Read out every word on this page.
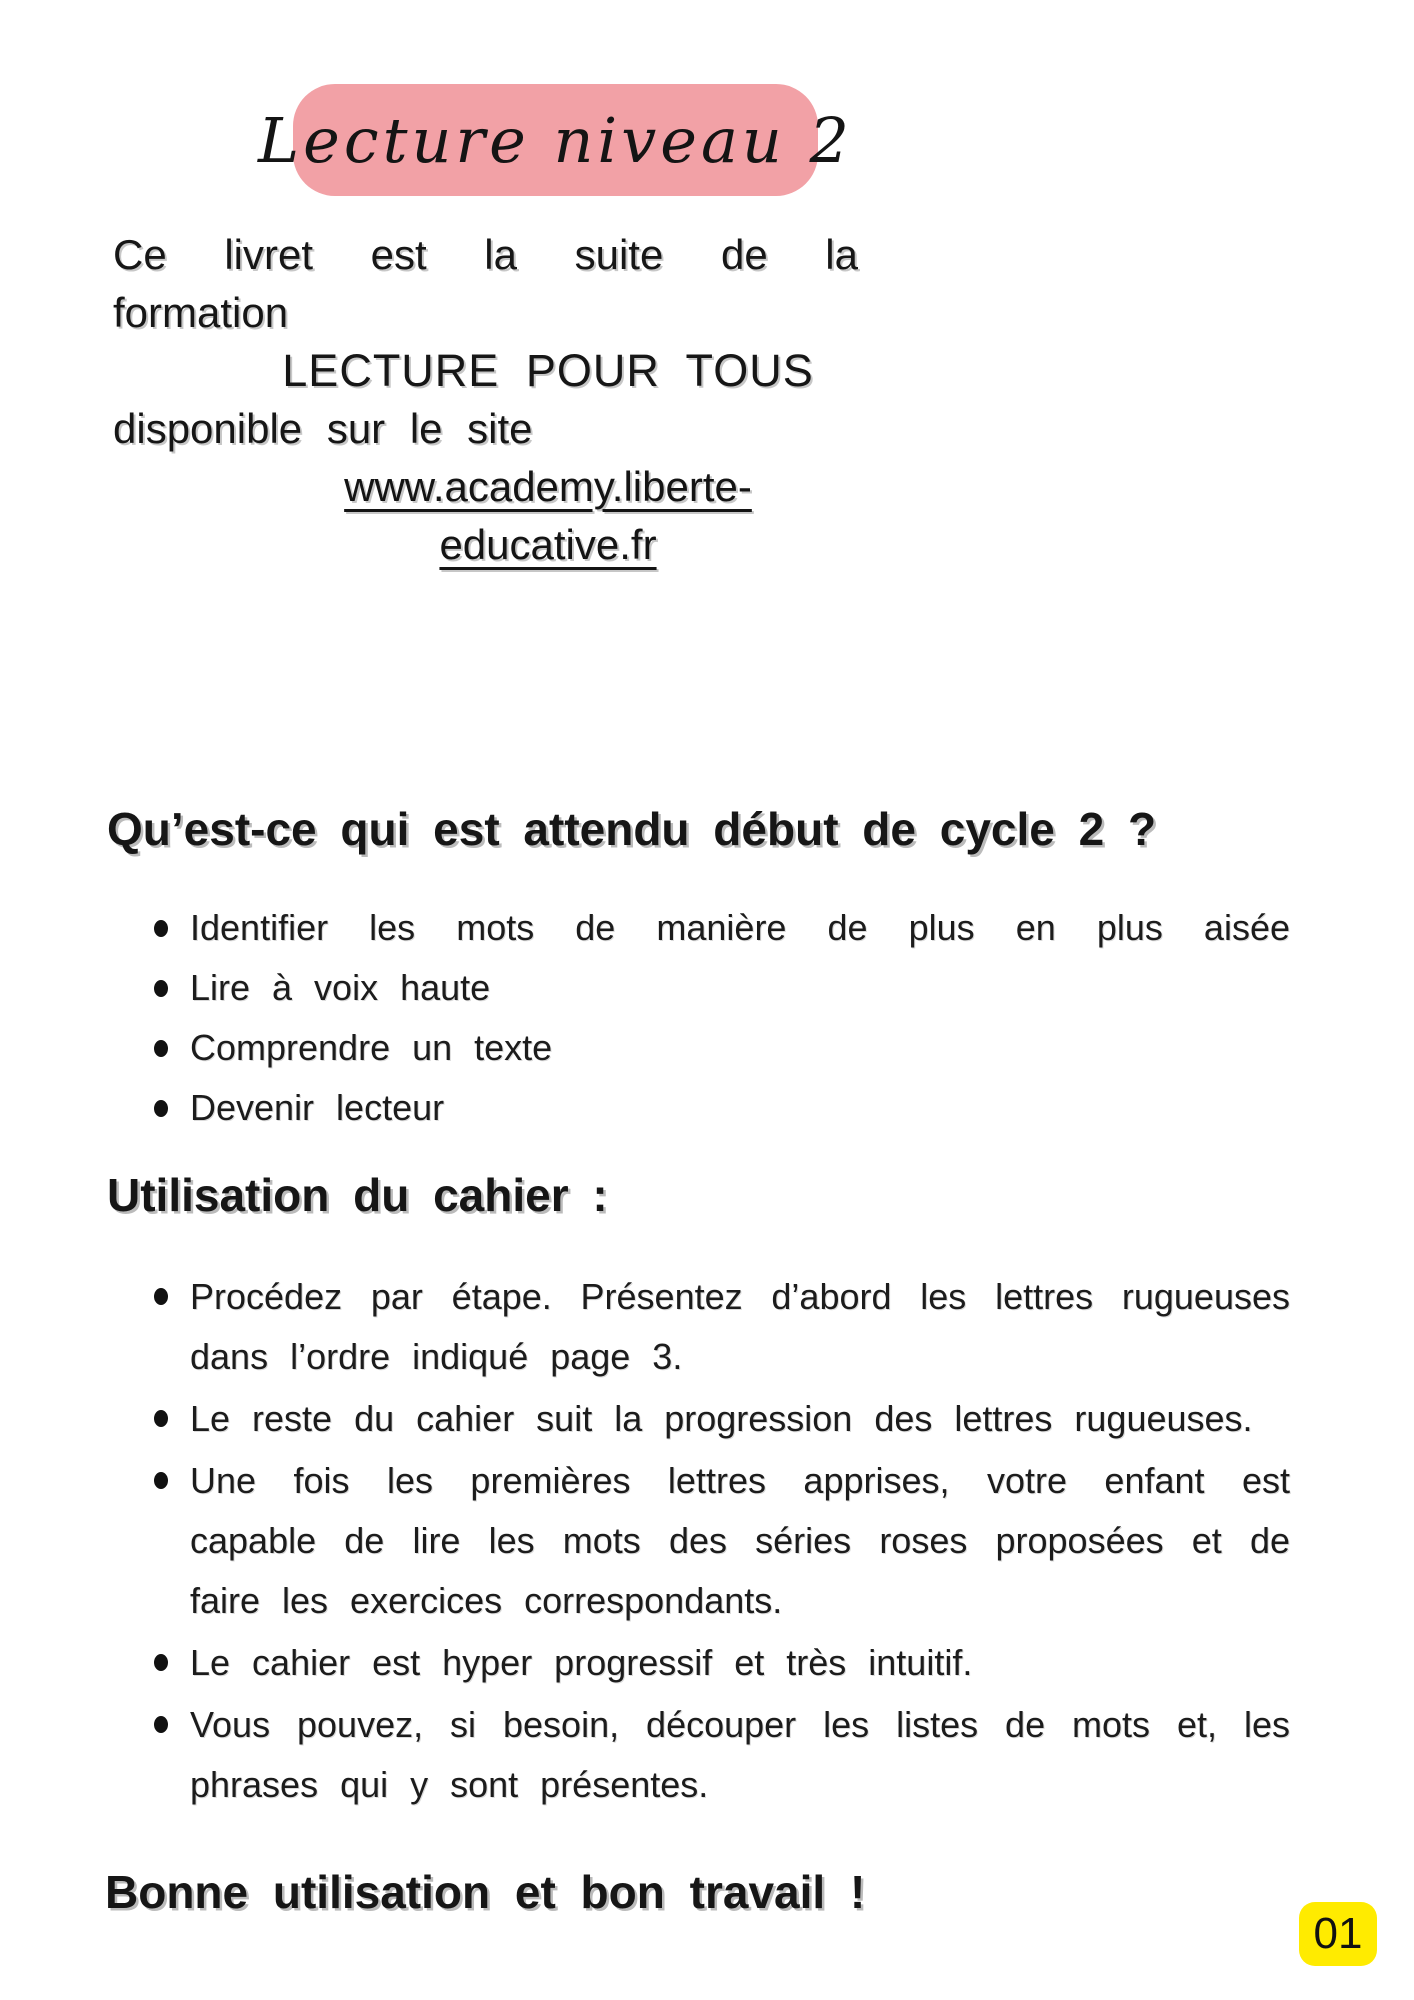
Lecture niveau 2
Ce livret est la suite de la formation
LECTURE POUR TOUS
disponible sur le site
www.academy.liberte-educative.fr
Qu’est-ce qui est attendu début de cycle 2 ?
Identifier les mots de manière de plus en plus aisée
Lire à voix haute
Comprendre un texte
Devenir lecteur
Utilisation du cahier :
Procédez par étape. Présentez d’abord les lettres rugueuses dans l’ordre indiqué page 3.
Le reste du cahier suit la progression des lettres rugueuses.
Une fois les premières lettres apprises, votre enfant est capable de lire les mots des séries roses proposées et de faire les exercices correspondants.
Le cahier est hyper progressif et très intuitif.
Vous pouvez, si besoin, découper les listes de mots et, les phrases qui y sont présentes.
Bonne utilisation et bon travail !
01
